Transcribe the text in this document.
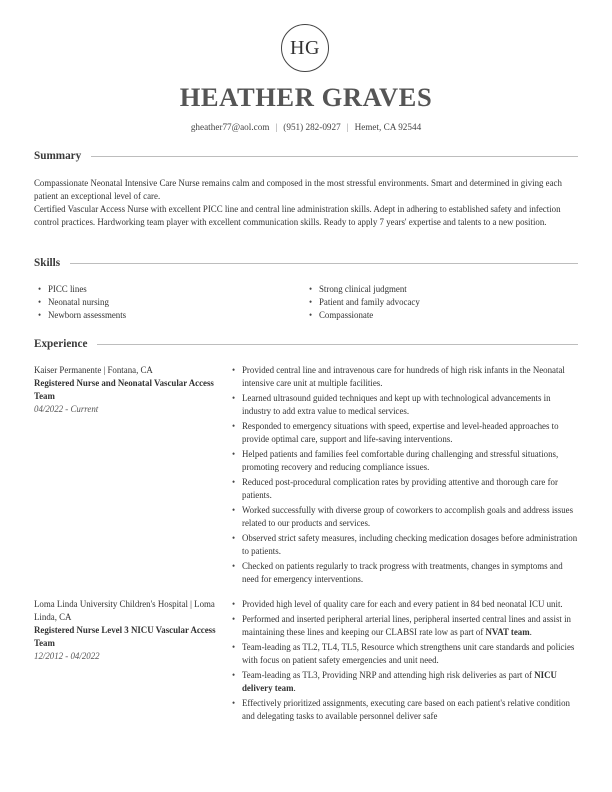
HG
HEATHER GRAVES
gheather77@aol.com | (951) 282-0927 | Hemet, CA 92544
Summary

Compassionate Neonatal Intensive Care Nurse remains calm and composed in the most stressful environments. Smart and determined in giving each patient an exceptional level of care.

Certified Vascular Access Nurse with excellent PICC line and central line administration skills. Adept in adhering to established safety and infection control practices. Hardworking team player with excellent communication skills. Ready to apply 7 years' expertise and talents to a new position.

Skills
• PICC lines
• Neonatal nursing
• Newborn assessments
• Strong clinical judgment
• Patient and family advocacy
• Compassionate
Experience
Kaiser Permanente | Fontana, CA
Registered Nurse and Neonatal Vascular Access Team
04/2022 - Current
• Provided central line and intravenous care for hundreds of high risk infants in the Neonatal intensive care unit at multiple facilities.
• Learned ultrasound guided techniques and kept up with technological advancements in industry to add extra value to medical services.
• Responded to emergency situations with speed, expertise and level-headed approaches to provide optimal care, support and life-saving interventions.
• Helped patients and families feel comfortable during challenging and stressful situations, promoting recovery and reducing compliance issues.
• Reduced post-procedural complication rates by providing attentive and thorough care for patients.
• Worked successfully with diverse group of coworkers to accomplish goals and address issues related to our products and services.
• Observed strict safety measures, including checking medication dosages before administration to patients.
• Checked on patients regularly to track progress with treatments, changes in symptoms and need for emergency interventions.
Loma Linda University Children's Hospital | Loma Linda, CA
Registered Nurse Level 3 NICU Vascular Access Team
12/2012 - 04/2022
• Provided high level of quality care for each and every patient in 84 bed neonatal ICU unit.
• Performed and inserted peripheral arterial lines, peripheral inserted central lines and assist in maintaining these lines and keeping our CLABSI rate low as part of NVAT team.
• Team-leading as TL2, TL4, TL5, Resource which strengthens unit care standards and policies with focus on patient safety emergencies and unit need.
• Team-leading as TL3, Providing NRP and attending high risk deliveries as part of NICU delivery team.
• Effectively prioritized assignments, executing care based on each patient's relative condition and delegating tasks to available personnel deliver safe
